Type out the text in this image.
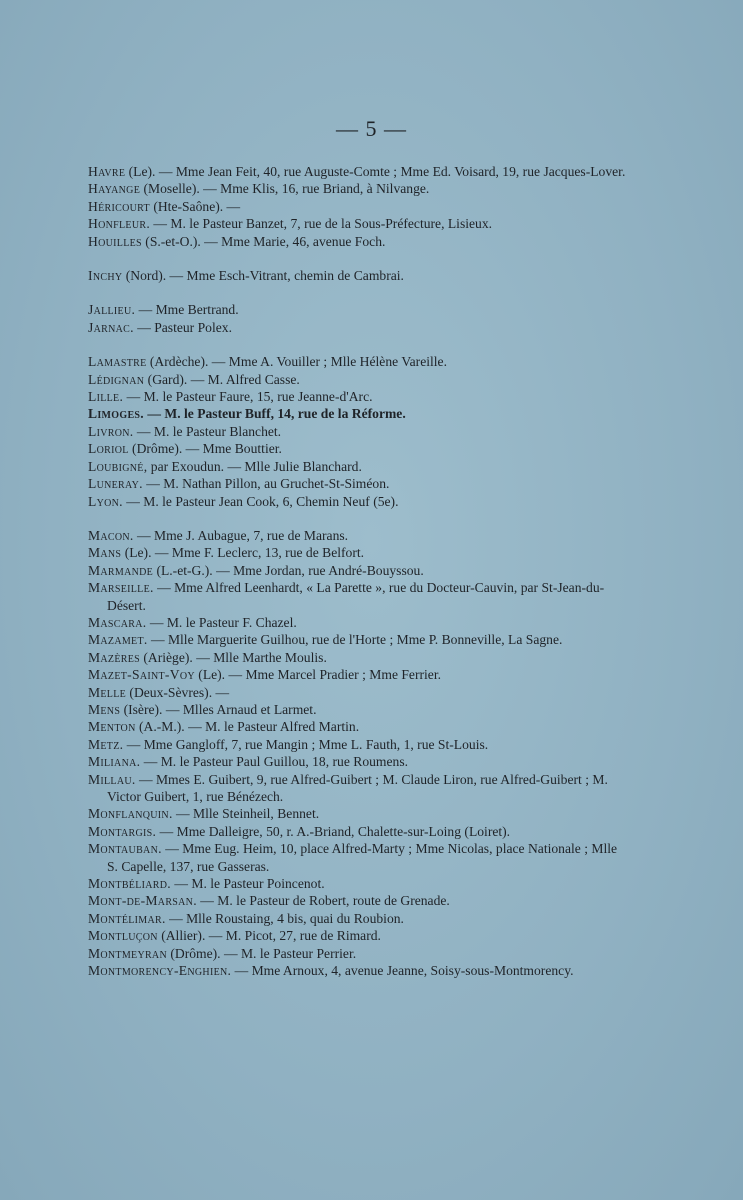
— 5 —
Havre (Le). — Mme Jean Feit, 40, rue Auguste-Comte ; Mme Ed. Voisard, 19, rue Jacques-Lover.
Hayange (Moselle). — Mme Klis, 16, rue Briand, à Nilvange.
Héricourt (Hte-Saône). —
Honfleur. — M. le Pasteur Banzet, 7, rue de la Sous-Préfecture, Lisieux.
Houilles (S.-et-O.). — Mme Marie, 46, avenue Foch.
Inchy (Nord). — Mme Esch-Vitrant, chemin de Cambrai.
Jallieu. — Mme Bertrand.
Jarnac. — Pasteur Polex.
Lamastre (Ardèche). — Mme A. Vouiller ; Mlle Hélène Vareille.
Lédignan (Gard). — M. Alfred Casse.
Lille. — M. le Pasteur Faure, 15, rue Jeanne-d'Arc.
Limoges. — M. le Pasteur Buff, 14, rue de la Réforme.
Livron. — M. le Pasteur Blanchet.
Loriol (Drôme). — Mme Bouttier.
Loubigné, par Exoudun. — Mlle Julie Blanchard.
Luneray. — M. Nathan Pillon, au Gruchet-St-Siméon.
Lyon. — M. le Pasteur Jean Cook, 6, Chemin Neuf (5e).
Macon. — Mme J. Aubague, 7, rue de Marans.
Mans (Le). — Mme F. Leclerc, 13, rue de Belfort.
Marmande (L.-et-G.). — Mme Jordan, rue André-Bouyssou.
Marseille. — Mme Alfred Leenhardt, « La Parette », rue du Docteur-Cauvin, par St-Jean-du-Désert.
Mascara. — M. le Pasteur F. Chazel.
Mazamet. — Mlle Marguerite Guilhou, rue de l'Horte ; Mme P. Bonneville, La Sagne.
Mazères (Ariège). — Mlle Marthe Moulis.
Mazet-Saint-Voy (Le). — Mme Marcel Pradier ; Mme Ferrier.
Melle (Deux-Sèvres). —
Mens (Isère). — Mlles Arnaud et Larmet.
Menton (A.-M.). — M. le Pasteur Alfred Martin.
Metz. — Mme Gangloff, 7, rue Mangin ; Mme L. Fauth, 1, rue St-Louis.
Miliana. — M. le Pasteur Paul Guillou, 18, rue Roumens.
Millau. — Mmes E. Guibert, 9, rue Alfred-Guibert ; M. Claude Liron, rue Alfred-Guibert ; M. Victor Guibert, 1, rue Bénézech.
Monflanquin. — Mlle Steinheil, Bennet.
Montargis. — Mme Dalleigre, 50, r. A.-Briand, Chalette-sur-Loing (Loiret).
Montauban. — Mme Eug. Heim, 10, place Alfred-Marty ; Mme Nicolas, place Nationale ; Mlle S. Capelle, 137, rue Gasseras.
Montbéliard. — M. le Pasteur Poincenot.
Mont-de-Marsan. — M. le Pasteur de Robert, route de Grenade.
Montélimar. — Mlle Roustaing, 4 bis, quai du Roubion.
Montluçon (Allier). — M. Picot, 27, rue de Rimard.
Montmeyran (Drôme). — M. le Pasteur Perrier.
Montmorency-Enghien. — Mme Arnoux, 4, avenue Jeanne, Soisy-sous-Montmorency.
